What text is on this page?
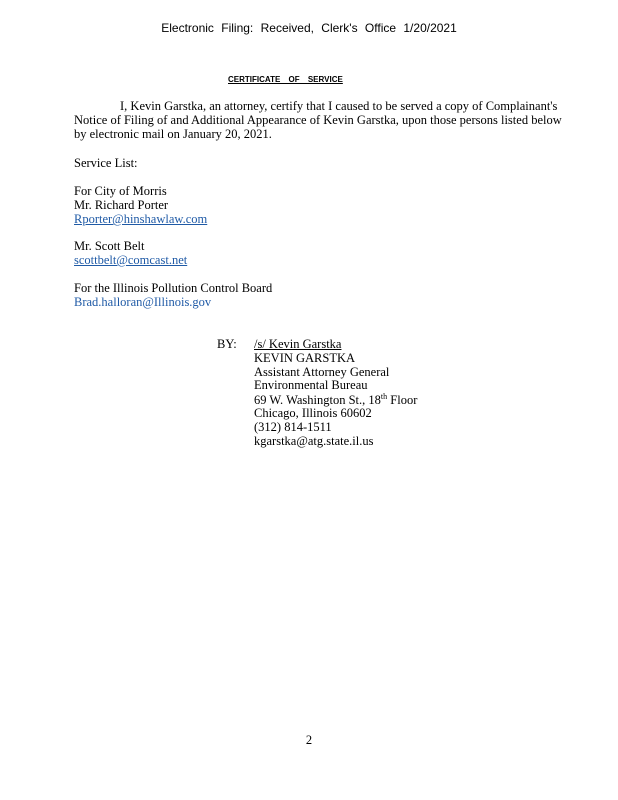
Electronic Filing: Received, Clerk's Office 1/20/2021
CERTIFICATE OF SERVICE
I, Kevin Garstka, an attorney, certify that I caused to be served a copy of Complainant's Notice of Filing of and Additional Appearance of Kevin Garstka, upon those persons listed below by electronic mail on January 20, 2021.
Service List:
For City of Morris
Mr. Richard Porter
Rporter@hinshawlaw.com
Mr. Scott Belt
scottbelt@comcast.net
For the Illinois Pollution Control Board
Brad.halloran@Illinois.gov
BY: /s/ Kevin Garstka
KEVIN GARSTKA
Assistant Attorney General
Environmental Bureau
69 W. Washington St., 18th Floor
Chicago, Illinois 60602
(312) 814-1511
kgarstka@atg.state.il.us
2
